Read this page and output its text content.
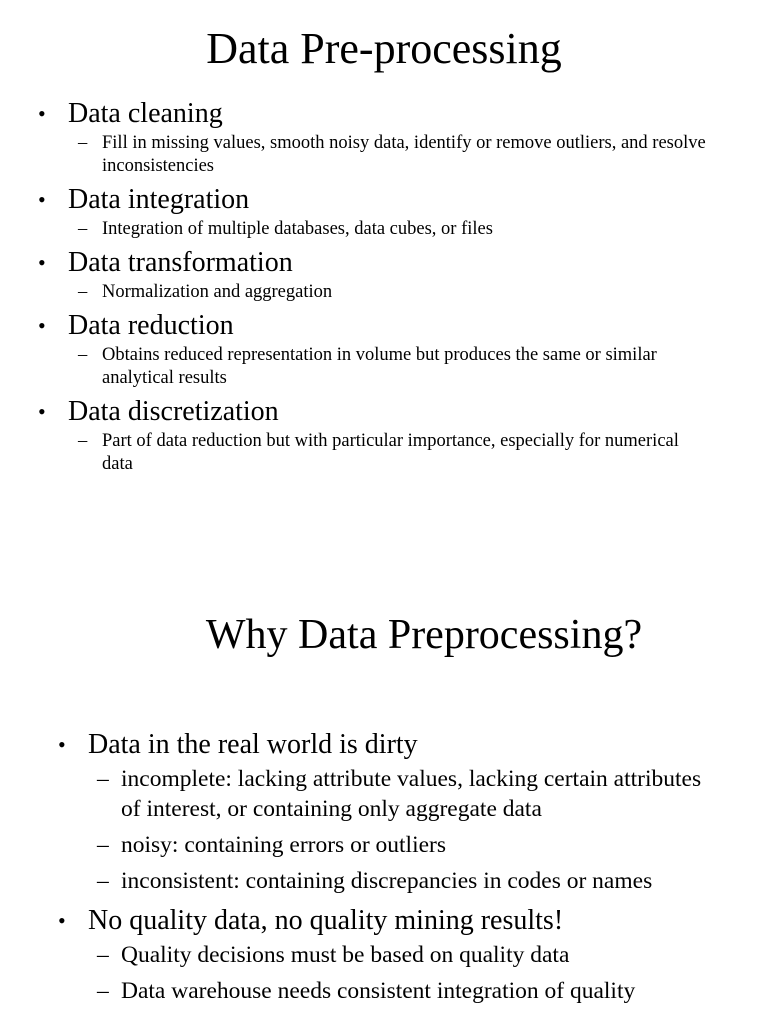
Data Pre-processing
• Data cleaning
– Fill in missing values, smooth noisy data, identify or remove outliers, and resolve inconsistencies
• Data integration
– Integration of multiple databases, data cubes, or files
• Data transformation
– Normalization and aggregation
• Data reduction
– Obtains reduced representation in volume but produces the same or similar analytical results
• Data discretization
– Part of data reduction but with particular importance, especially for numerical data
Why Data Preprocessing?
• Data in the real world is dirty
– incomplete: lacking attribute values, lacking certain attributes of interest, or containing only aggregate data
– noisy: containing errors or outliers
– inconsistent: containing discrepancies in codes or names
• No quality data, no quality mining results!
– Quality decisions must be based on quality data
– Data warehouse needs consistent integration of quality
